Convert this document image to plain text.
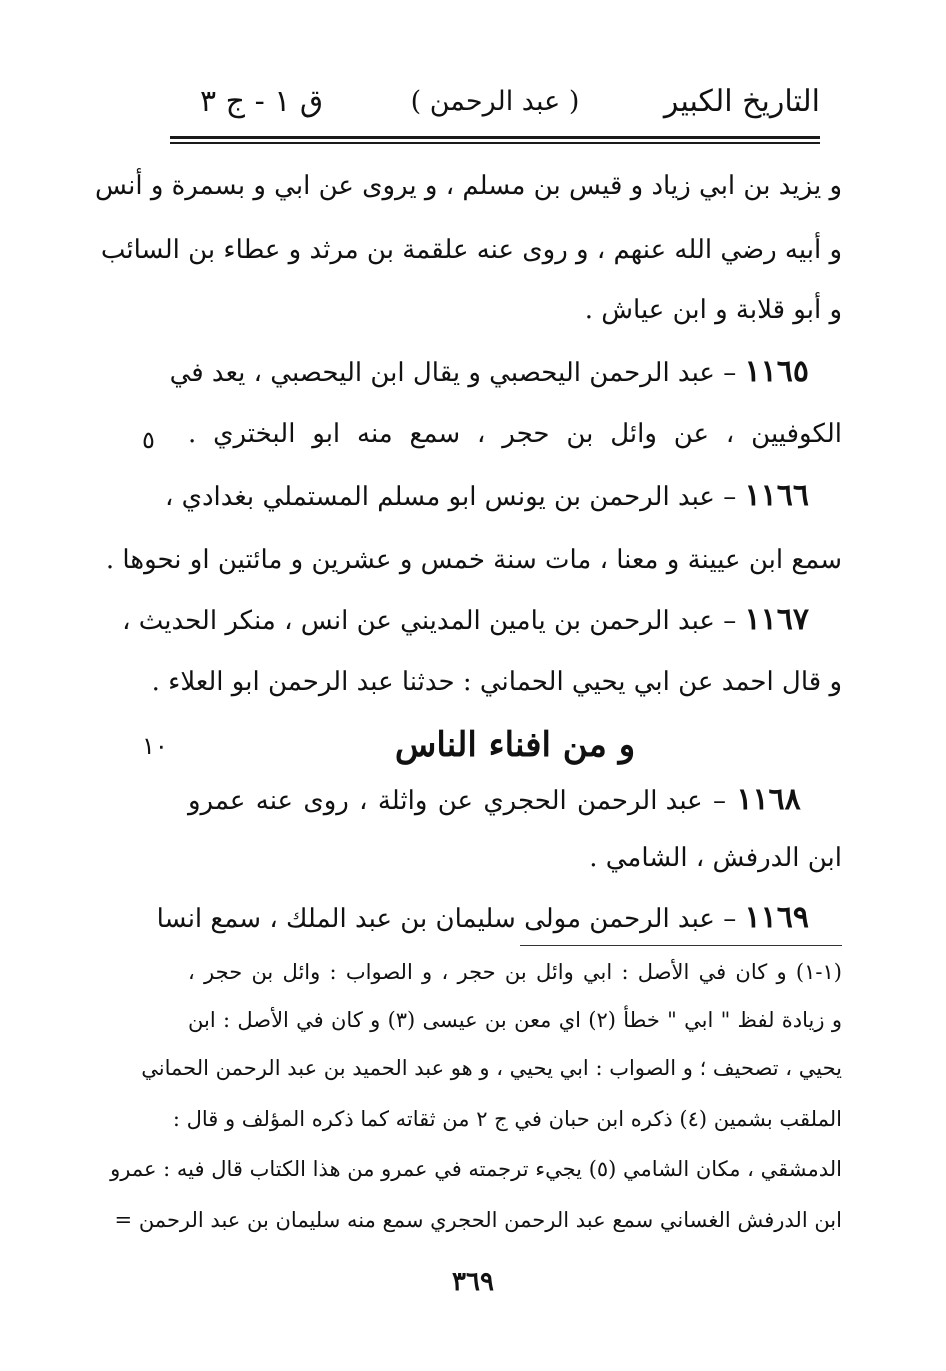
التاريخ الكبير
( عبد الرحمن )
ق ١ - ج ٣
و يزيد بن ابي زياد و قيس بن مسلم ، و يروى عن ابي و بسمرة و أنس
و أبيه رضي الله عنهم ، و روى عنه علقمة بن مرثد و عطاء بن السائب
و أبو قلابة و ابن عياش .
١١٦٥ – عبد الرحمن اليحصبي و يقال ابن اليحصبي ، يعد في
الكوفيين ، عن وائل بن حجر ، سمع منه ابو البختري .
٥
١١٦٦ – عبد الرحمن بن يونس ابو مسلم المستملي بغدادي ،
سمع ابن عيينة و معنا ، مات سنة خمس و عشرين و مائتين او نحوها .
١١٦٧ – عبد الرحمن بن يامين المديني عن انس ، منكر الحديث ،
و قال احمد عن ابي يحيي الحماني : حدثنا عبد الرحمن ابو العلاء .
و من افناء الناس
١٠
١١٦٨ – عبد الرحمن الحجري عن واثلة ، روى عنه عمرو
ابن الدرفش ، الشامي .
١١٦٩ – عبد الرحمن مولى سليمان بن عبد الملك ، سمع انسا
(١-١) و كان في الأصل : ابي وائل بن حجر ، و الصواب : وائل بن حجر ،
و زيادة لفظ " ابي " خطأ (٢) اي معن بن عيسى (٣) و كان في الأصل : ابن
يحيي ، تصحيف ؛ و الصواب : ابي يحيي ، و هو عبد الحميد بن عبد الرحمن الحماني
الملقب بشمين (٤) ذكره ابن حبان في ج ٢ من ثقاته كما ذكره المؤلف و قال :
الدمشقي ، مكان الشامي (٥) يجيء ترجمته في عمرو من هذا الكتاب قال فيه : عمرو
ابن الدرفش الغساني سمع عبد الرحمن الحجري سمع منه سليمان بن عبد الرحمن =
٣٦٩
